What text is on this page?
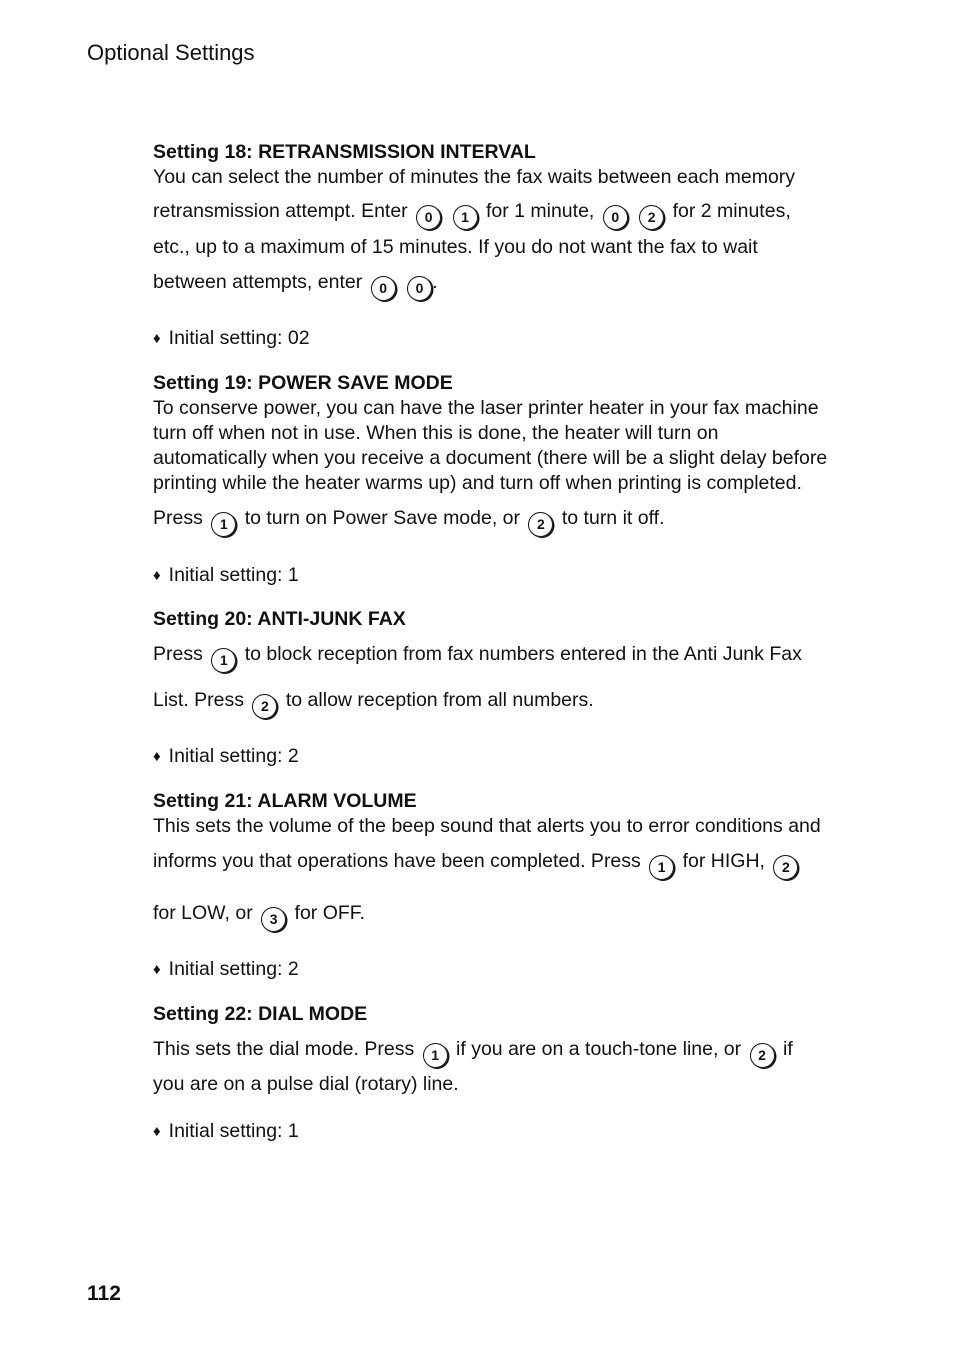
Optional Settings
Setting 18: RETRANSMISSION INTERVAL
You can select the number of minutes the fax waits between each memory
retransmission attempt. Enter 0 1 for 1 minute, 0 2 for 2 minutes,
etc., up to a maximum of 15 minutes. If you do not want the fax to wait
between attempts, enter 0 0 .
♦ Initial setting: 02
Setting 19: POWER SAVE MODE
To conserve power, you can have the laser printer heater in your fax machine
turn off when not in use. When this is done, the heater will turn on
automatically when you receive a document (there will be a slight delay before
printing while the heater warms up) and turn off when printing is completed.
Press 1 to turn on Power Save mode, or 2 to turn it off.
♦ Initial setting: 1
Setting 20: ANTI-JUNK FAX
Press 1 to block reception from fax numbers entered in the Anti Junk Fax
List. Press 2 to allow reception from all numbers.
♦ Initial setting: 2
Setting 21: ALARM VOLUME
This sets the volume of the beep sound that alerts you to error conditions and
informs you that operations have been completed. Press 1 for HIGH, 2
for LOW, or 3 for OFF.
♦ Initial setting: 2
Setting 22: DIAL MODE
This sets the dial mode. Press 1 if you are on a touch-tone line, or 2 if
you are on a pulse dial (rotary) line.
♦ Initial setting: 1
112
